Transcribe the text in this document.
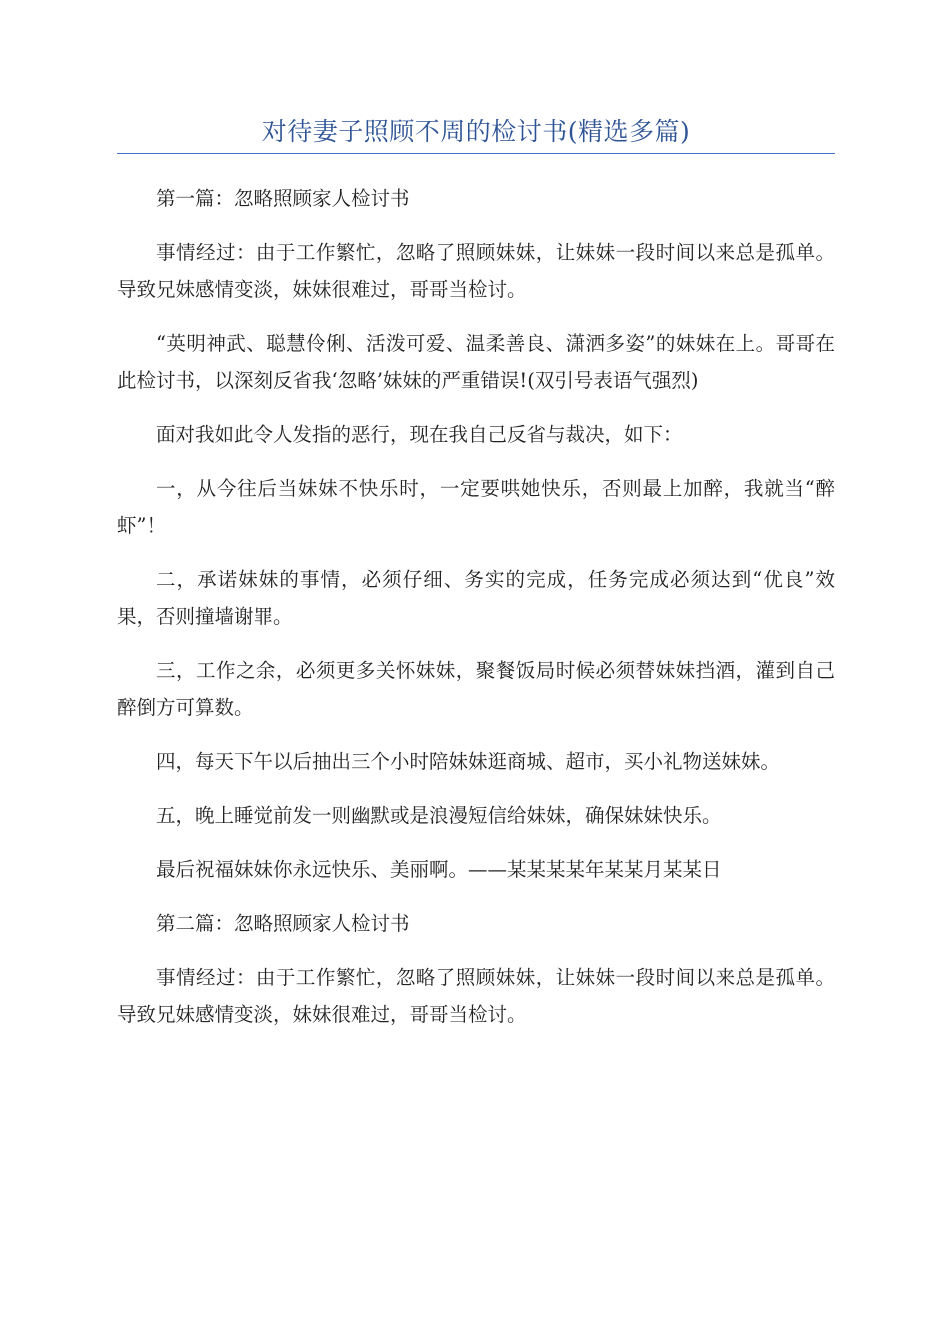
对待妻子照顾不周的检讨书(精选多篇)

第一篇：忽略照顾家人检讨书

事情经过：由于工作繁忙，忽略了照顾妹妹，让妹妹一段时间以来总是孤单。导致兄妹感情变淡，妹妹很难过，哥哥当检讨。

“英明神武、聪慧伶俐、活泼可爱、温柔善良、潇洒多姿”的妹妹在上。哥哥在此检讨书，以深刻反省我‘忽略’妹妹的严重错误!(双引号表语气强烈)

面对我如此令人发指的恶行，现在我自己反省与裁决，如下：

一，从今往后当妹妹不快乐时，一定要哄她快乐，否则最上加醉，我就当“醉虾”！

二，承诺妹妹的事情，必须仔细、务实的完成，任务完成必须达到“优良”效果，否则撞墙谢罪。

三，工作之余，必须更多关怀妹妹，聚餐饭局时候必须替妹妹挡酒，灌到自己醉倒方可算数。

四，每天下午以后抽出三个小时陪妹妹逛商城、超市，买小礼物送妹妹。

五，晚上睡觉前发一则幽默或是浪漫短信给妹妹，确保妹妹快乐。

最后祝福妹妹你永远快乐、美丽啊。——某某某某年某某月某某日

第二篇：忽略照顾家人检讨书

事情经过：由于工作繁忙，忽略了照顾妹妹，让妹妹一段时间以来总是孤单。导致兄妹感情变淡，妹妹很难过，哥哥当检讨。
